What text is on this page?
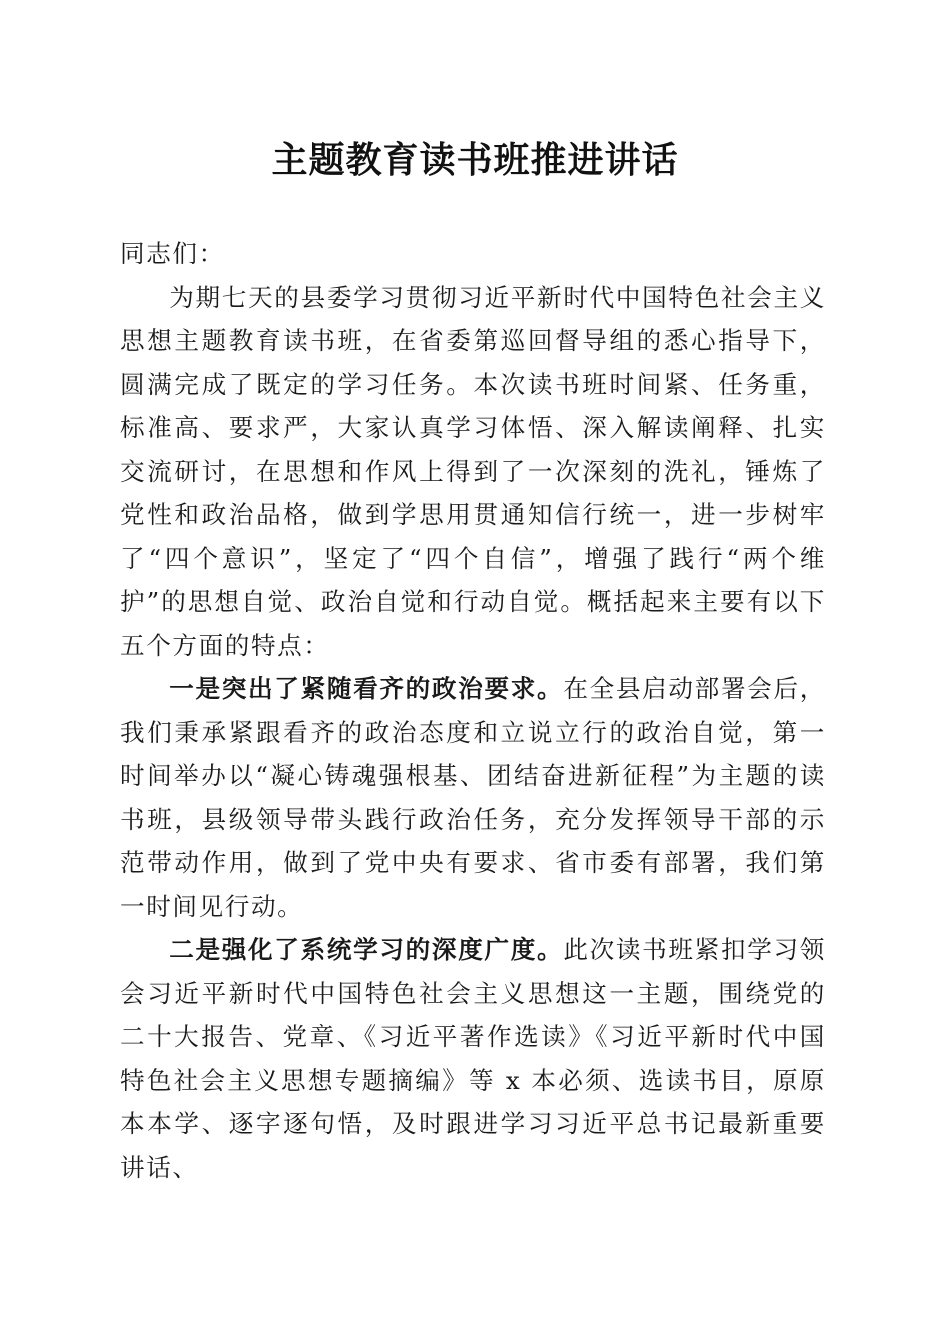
主题教育读书班推进讲话

同志们：

为期七天的县委学习贯彻习近平新时代中国特色社会主义思想主题教育读书班，在省委第巡回督导组的悉心指导下，圆满完成了既定的学习任务。本次读书班时间紧、任务重，标准高、要求严，大家认真学习体悟、深入解读阐释、扎实交流研讨，在思想和作风上得到了一次深刻的洗礼，锤炼了党性和政治品格，做到学思用贯通知信行统一，进一步树牢了“四个意识”，坚定了“四个自信”，增强了践行“两个维护”的思想自觉、政治自觉和行动自觉。概括起来主要有以下五个方面的特点：

一是突出了紧随看齐的政治要求。在全县启动部署会后，我们秉承紧跟看齐的政治态度和立说立行的政治自觉，第一时间举办以“凝心铸魂强根基、团结奋进新征程”为主题的读书班，县级领导带头践行政治任务，充分发挥领导干部的示范带动作用，做到了党中央有要求、省市委有部署，我们第一时间见行动。

二是强化了系统学习的深度广度。此次读书班紧扣学习领会习近平新时代中国特色社会主义思想这一主题，围绕党的二十大报告、党章、《习近平著作选读》《习近平新时代中国特色社会主义思想专题摘编》等 x 本必须、选读书目，原原本本学、逐字逐句悟，及时跟进学习习近平总书记最新重要讲话、
